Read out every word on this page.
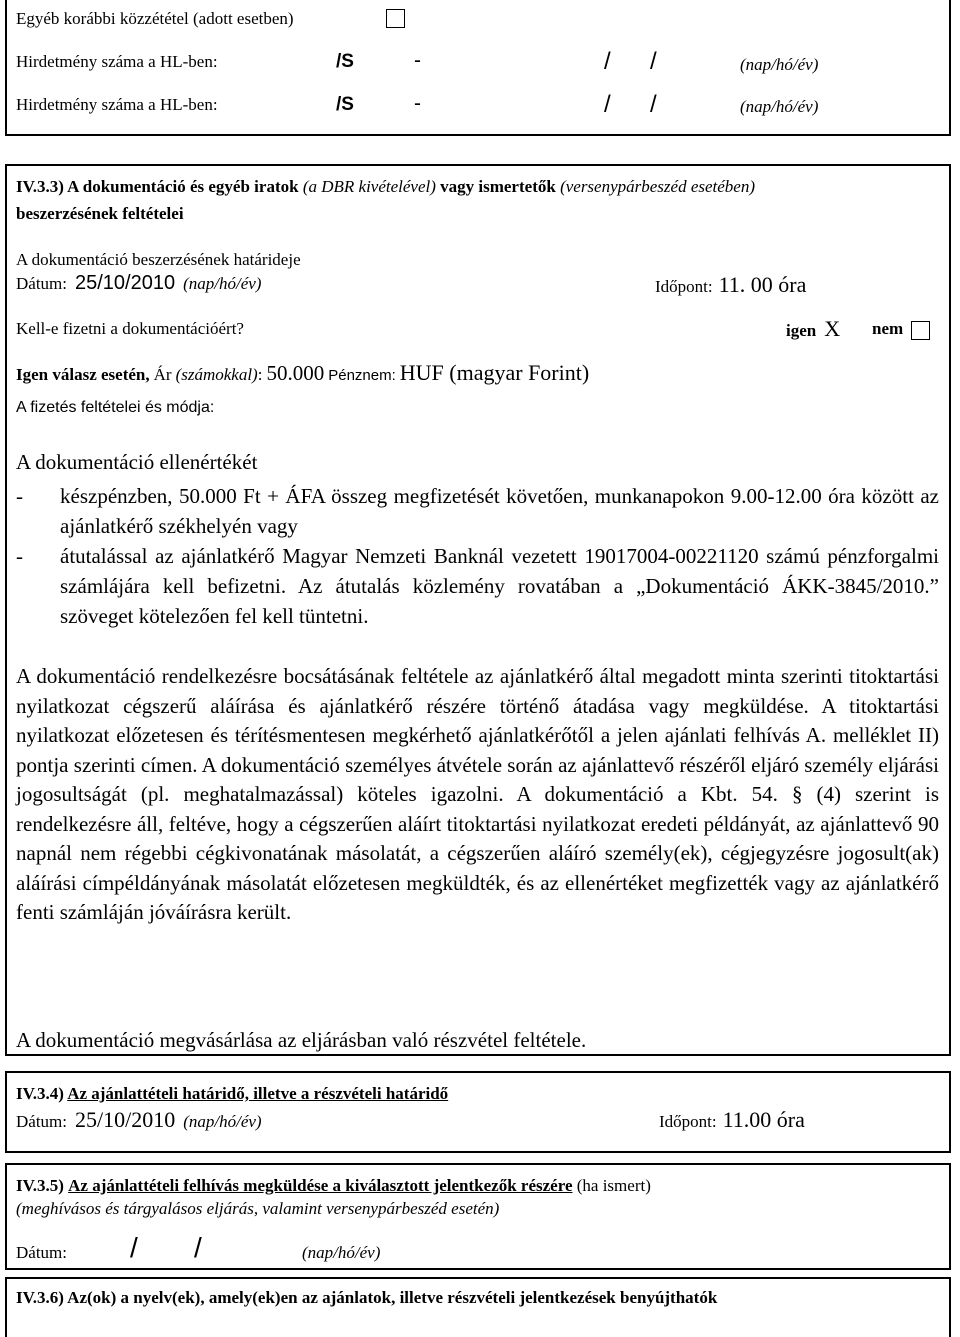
Egyéb korábbi közzététel (adott esetben)
Hirdetmény száma a HL-ben:	/S	-	/ /	(nap/hó/év)
Hirdetmény száma a HL-ben:	/S	-	/ /	(nap/hó/év)
IV.3.3) A dokumentáció és egyéb iratok (a DBR kivételével) vagy ismertetők (versenypárbeszéd esetében)
beszerzésének feltételei
A dokumentáció beszerzésének határideje
Dátum: 25/10/2010 (nap/hó/év)	Időpont: 11. 00 óra
Kell-e fizetni a dokumentációért?	igen X nem
Igen válasz esetén, Ár (számokkal): 50.000 Pénznem: HUF (magyar Forint)
A fizetés feltételei és módja:
A dokumentáció ellenértékét
-	készpénzben, 50.000 Ft + ÁFA összeg megfizetését követően, munkanapokon 9.00-12.00 óra között az ajánlatkérő székhelyén vagy
-	átutalással az ajánlatkérő Magyar Nemzeti Banknál vezetett 19017004-00221120 számú pénzforgalmi számlájára kell befizetni. Az átutalás közlemény rovatában a „Dokumentáció ÁKK-3845/2010.” szöveget kötelezően fel kell tüntetni.

A dokumentáció rendelkezésre bocsátásának feltétele az ajánlatkérő által megadott minta szerinti titoktartási nyilatkozat cégszerű aláírása és ajánlatkérő részére történő átadása vagy megküldése. A titoktartási nyilatkozat előzetesen és térítésmentesen megkérhető ajánlatkérőtől a jelen ajánlati felhívás A. melléklet II) pontja szerinti címen. A dokumentáció személyes átvétele során az ajánlattevő részéről eljáró személy eljárási jogosultságát (pl. meghatalmazással) köteles igazolni. A dokumentáció a Kbt. 54. § (4) szerint is rendelkezésre áll, feltéve, hogy a cégszerűen aláírt titoktartási nyilatkozat eredeti példányát, az ajánlattevő 90 napnál nem régebbi cégkivonatának másolatát, a cégszerűen aláíró személy(ek), cégjegyzésre jogosult(ak) aláírási címpéldányának másolatát előzetesen megküldték, és az ellenértéket megfizették vagy az ajánlatkérő fenti számláján jóváírásra került.

A dokumentáció megvásárlása az eljárásban való részvétel feltétele.
IV.3.4) Az ajánlattételi határidő, illetve a részvételi határidő
Dátum: 25/10/2010 (nap/hó/év)	Időpont: 11.00 óra
IV.3.5) Az ajánlattételi felhívás megküldése a kiválasztott jelentkezők részére (ha ismert)
(meghívásos és tárgyalásos eljárás, valamint versenypárbeszéd esetén)
Dátum: / /	(nap/hó/év)
IV.3.6) Az(ok) a nyelv(ek), amely(ek)en az ajánlatok, illetve részvételi jelentkezések benyújthatók
